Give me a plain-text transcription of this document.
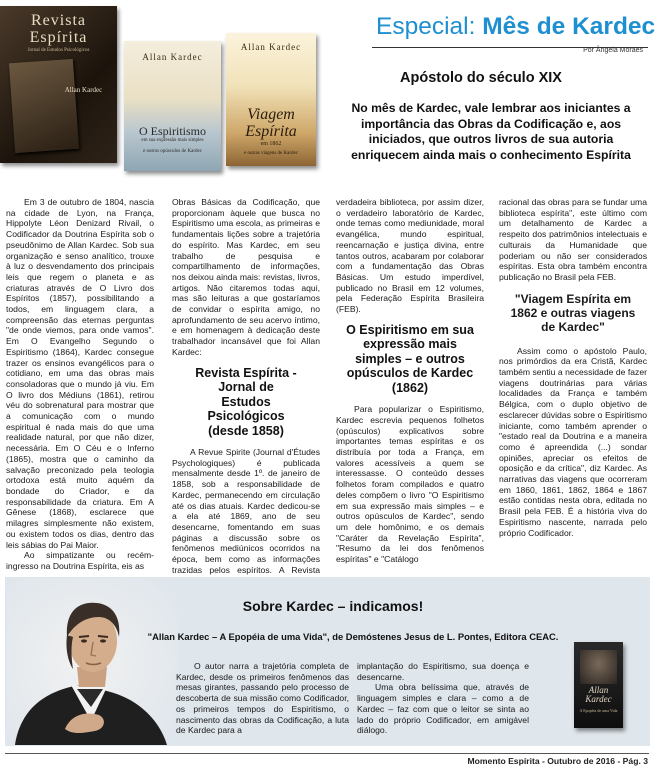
Especial: Mês de Kardec
Por Ângela Moraes
Revista
Espírita
Jornal de Estudos Psicológicos
Allan Kardec
Allan Kardec
O Espiritismo
em sua expressão mais simples
e outros opúsculos de Kardec
Allan Kardec
Viagem
Espírita
em 1862
e outras viagens de Kardec
Apóstolo do século XIX
No mês de Kardec, vale lembrar aos iniciantes a importância das Obras da Codificação e, aos iniciados, que outros livros de sua autoria enriquecem ainda mais o conhecimento Espírita

Em 3 de outubro de 1804, nascia na cidade de Lyon, na França, Hippolyte Léon Denizard Rivail, o Codificador da Doutrina Espírita sob o pseudônimo de Allan Kardec. Sob sua organização e senso analítico, trouxe à luz o desvendamento dos principais leis que regem o planeta e as criaturas através de O Livro dos Espíritos (1857), possibilitando a todos, em linguagem clara, a compreensão das eternas perguntas "de onde viemos, para onde vamos". Em O Evangelho Segundo o Espiritismo (1864), Kardec consegue trazer os ensinos evangélicos para o cotidiano, em uma das obras mais consoladoras que o mundo já viu. Em O livro dos Médiuns (1861), retirou véu do sobrenatural para mostrar que a comunicação com o mundo espiritual é nada mais do que uma realidade natural, por que não dizer, necessária. Em O Céu e o Inferno (1865), mostra que o caminho da salvação preconizado pela teologia ortodoxa está muito aquém da bondade do Criador, e da responsabilidade da criatura. Em A Gênese (1868), esclarece que milagres simplesmente não existem, ou existem todos os dias, dentro das leis sábias do Pai Maior.

Ao simpatizante ou recém-ingresso na Doutrina Espírita, eis as

Obras Básicas da Codificação, que proporcionam àquele que busca no Espiritismo uma escola, as primeiras e fundamentais lições sobre a trajetória do espírito. Mas Kardec, em seu trabalho de pesquisa e compartilhamento de informações, nos deixou ainda mais: revistas, livros, artigos. Não citaremos todas aqui, mas são leituras a que gostaríamos de convidar o espírita amigo, no aprofundamento de seu acervo íntimo, e em homenagem à dedicação deste trabalhador incansável que foi Allan Kardec:

Revista Espírita - Jornal de Estudos Psicológicos (desde 1858)

A Revue Spirite (Journal d'Études Psychologiques) é publicada mensalmente desde 1º. de janeiro de 1858, sob a responsabilidade de Kardec, permanecendo em circulação até os dias atuais. Kardec dedicou-se a ela até 1869, ano de seu desencarne, fomentando em suas páginas a discussão sobre os fenômenos mediúnicos ocorridos na época, bem como as informações trazidas pelos espíritos. A Revista

verdadeira biblioteca, por assim dizer, o verdadeiro laboratório de Kardec, onde temas como mediunidade, moral evangélica, mundo espiritual, reencarnação e justiça divina, entre tantos outros, acabaram por colaborar com a fundamentação das Obras Básicas. Um estudo imperdível, publicado no Brasil em 12 volumes, pela Federação Espírita Brasileira (FEB).

O Espiritismo em sua expressão mais simples – e outros opúsculos de Kardec (1862)

Para popularizar o Espiritismo, Kardec escrevia pequenos folhetos (opúsculos) explicativos sobre importantes temas espíritas e os distribuía por toda a França, em valores acessíveis a quem se interessasse. O conteúdo desses folhetos foram compilados e quatro deles compõem o livro "O Espiritismo em sua expressão mais simples – e outros opúsculos de Kardec", sendo um dele homônimo, e os demais "Caráter da Revelação Espírita", "Resumo da lei dos fenômenos espíritas" e "Catálogo

racional das obras para se fundar uma biblioteca espírita", este último com um detalhamento de Kardec a respeito dos patrimônios intelectuais e culturais da Humanidade que poderiam ou não ser considerados espíritas. Esta obra também encontra publicação no Brasil pela FEB.

"Viagem Espírita em 1862 e outras viagens de Kardec"

Assim como o apóstolo Paulo, nos primórdios da era Cristã, Kardec também sentiu a necessidade de fazer viagens doutrinárias para várias localidades da França e também Bélgica, com o duplo objetivo de esclarecer dúvidas sobre o Espiritismo iniciante, como também aprender o "estado real da Doutrina e a maneira como é apreendida (...) sondar opiniões, apreciar os efeitos de oposição e da crítica", diz Kardec. As narrativas das viagens que ocorreram em 1860, 1861, 1862, 1864 e 1867 estão contidas nesta obra, editada no Brasil pela FEB. É a história viva do Espiritismo nascente, narrada pelo próprio Codificador.

Sobre Kardec – indicamos!
"Allan Kardec – A Epopéia de uma Vida", de Demóstenes Jesus de L. Pontes, Editora CEAC.

O autor narra a trajetória completa de Kardec, desde os primeiros fenômenos das mesas girantes, passando pelo processo de descoberta de sua missão como Codificador, os primeiros tempos do Espiritismo, o nascimento das obras da Codificação, a luta de Kardec para a

implantação do Espiritismo, sua doença e desencarne.

Uma obra belíssima que, através de linguagem simples e clara – como a de Kardec – faz com que o leitor se sinta ao lado do próprio Codificador, em amigável diálogo.

Allan Kardec
A Epopéia de uma Vida
Momento Espírita - Outubro de 2016 - Pág. 3
